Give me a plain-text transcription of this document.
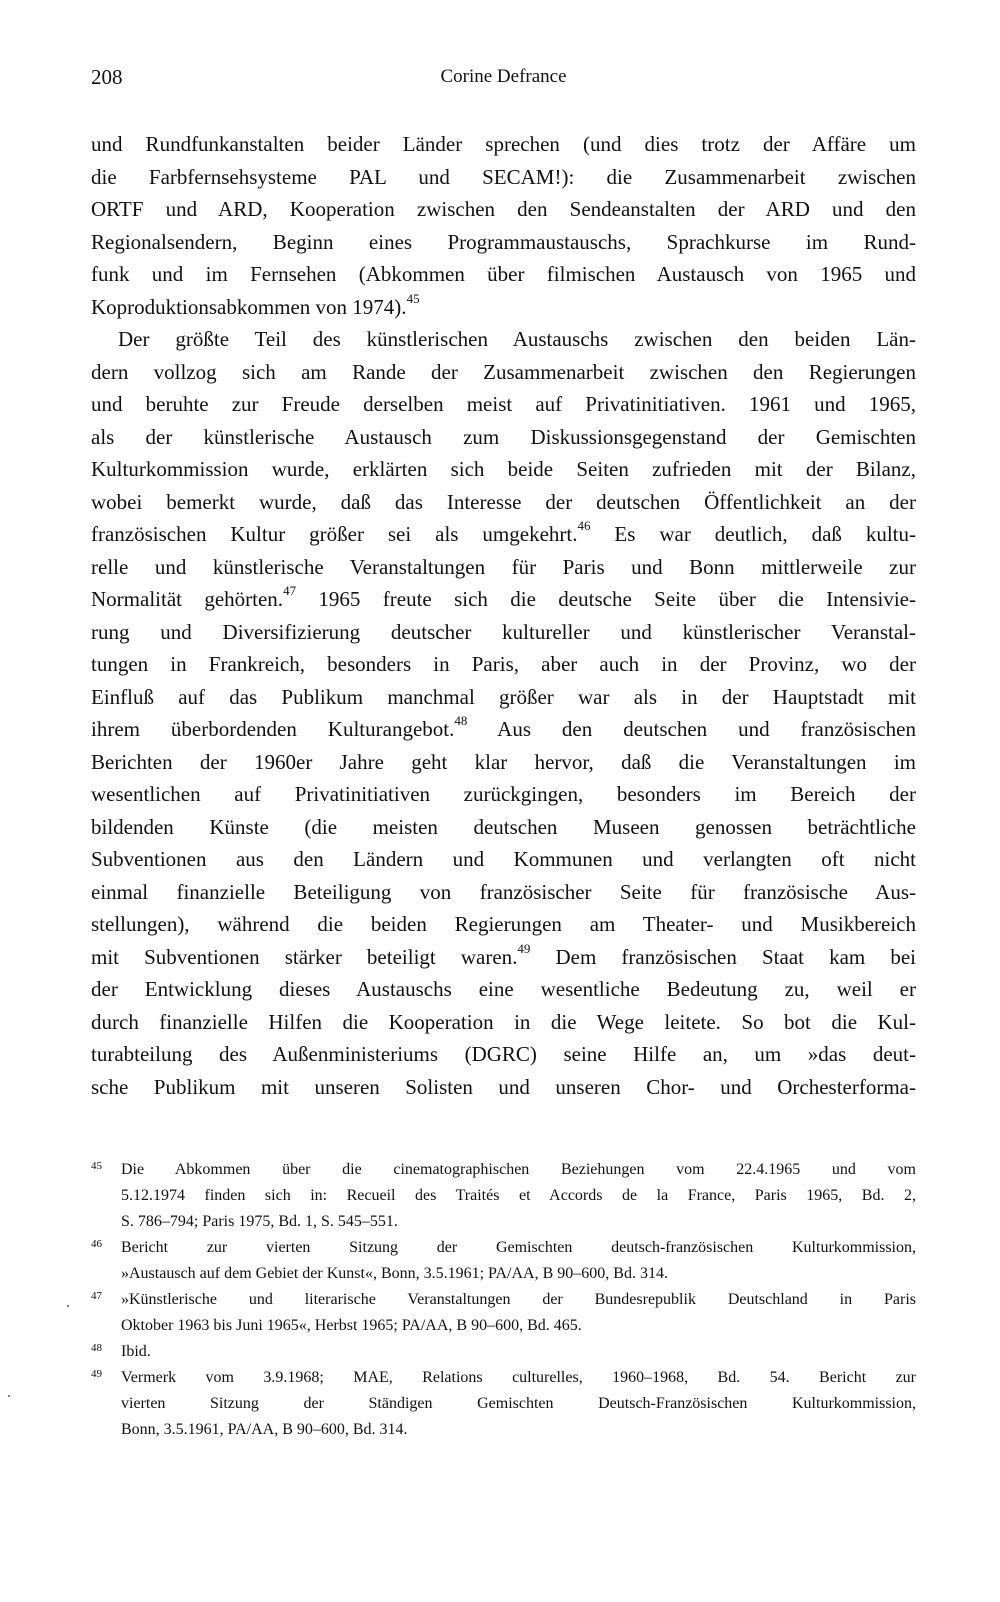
208	Corine Defrance
und Rundfunkanstalten beider Länder sprechen (und dies trotz der Affäre um
die Farbfernsehsysteme PAL und SECAM!): die Zusammenarbeit zwischen
ORTF und ARD, Kooperation zwischen den Sendeanstalten der ARD und den
Regionalsendern, Beginn eines Programmaustauschs, Sprachkurse im Rund-
funk und im Fernsehen (Abkommen über filmischen Austausch von 1965 und
Koproduktionsabkommen von 1974).$^{45}$
Der größte Teil des künstlerischen Austauschs zwischen den beiden Län-
dern vollzog sich am Rande der Zusammenarbeit zwischen den Regierungen
und beruhte zur Freude derselben meist auf Privatinitiativen. 1961 und 1965,
als der künstlerische Austausch zum Diskussionsgegenstand der Gemischten
Kulturkommission wurde, erklärten sich beide Seiten zufrieden mit der Bilanz,
wobei bemerkt wurde, daß das Interesse der deutschen Öffentlichkeit an der
französischen Kultur größer sei als umgekehrt.$^{46}$ Es war deutlich, daß kultu-
relle und künstlerische Veranstaltungen für Paris und Bonn mittlerweile zur
Normalität gehörten.$^{47}$ 1965 freute sich die deutsche Seite über die Intensivie-
rung und Diversifizierung deutscher kultureller und künstlerischer Veranstal-
tungen in Frankreich, besonders in Paris, aber auch in der Provinz, wo der
Einfluß auf das Publikum manchmal größer war als in der Hauptstadt mit
ihrem überbordenden Kulturangebot.$^{48}$ Aus den deutschen und französischen
Berichten der 1960er Jahre geht klar hervor, daß die Veranstaltungen im
wesentlichen auf Privatinitiativen zurückgingen, besonders im Bereich der
bildenden Künste (die meisten deutschen Museen genossen beträchtliche
Subventionen aus den Ländern und Kommunen und verlangten oft nicht
einmal finanzielle Beteiligung von französischer Seite für französische Aus-
stellungen), während die beiden Regierungen am Theater- und Musikbereich
mit Subventionen stärker beteiligt waren.$^{49}$ Dem französischen Staat kam bei
der Entwicklung dieses Austauschs eine wesentliche Bedeutung zu, weil er
durch finanzielle Hilfen die Kooperation in die Wege leitete. So bot die Kul-
turabteilung des Außenministeriums (DGRC) seine Hilfe an, um »das deut-
sche Publikum mit unseren Solisten und unseren Chor- und Orchesterforma-
45 Die Abkommen über die cinematographischen Beziehungen vom 22.4.1965 und vom
5.12.1974 finden sich in: Recueil des Traités et Accords de la France, Paris 1965, Bd. 2,
S. 786–794; Paris 1975, Bd. 1, S. 545–551.
46 Bericht zur vierten Sitzung der Gemischten deutsch-französischen Kulturkommission,
»Austausch auf dem Gebiet der Kunst«, Bonn, 3.5.1961; PA/AA, B 90–600, Bd. 314.
47 »Künstlerische und literarische Veranstaltungen der Bundesrepublik Deutschland in Paris
Oktober 1963 bis Juni 1965«, Herbst 1965; PA/AA, B 90–600, Bd. 465.
48 Ibid.
49 Vermerk vom 3.9.1968; MAE, Relations culturelles, 1960–1968, Bd. 54. Bericht zur
vierten Sitzung der Ständigen Gemischten Deutsch-Französischen Kulturkommission,
Bonn, 3.5.1961, PA/AA, B 90–600, Bd. 314.
